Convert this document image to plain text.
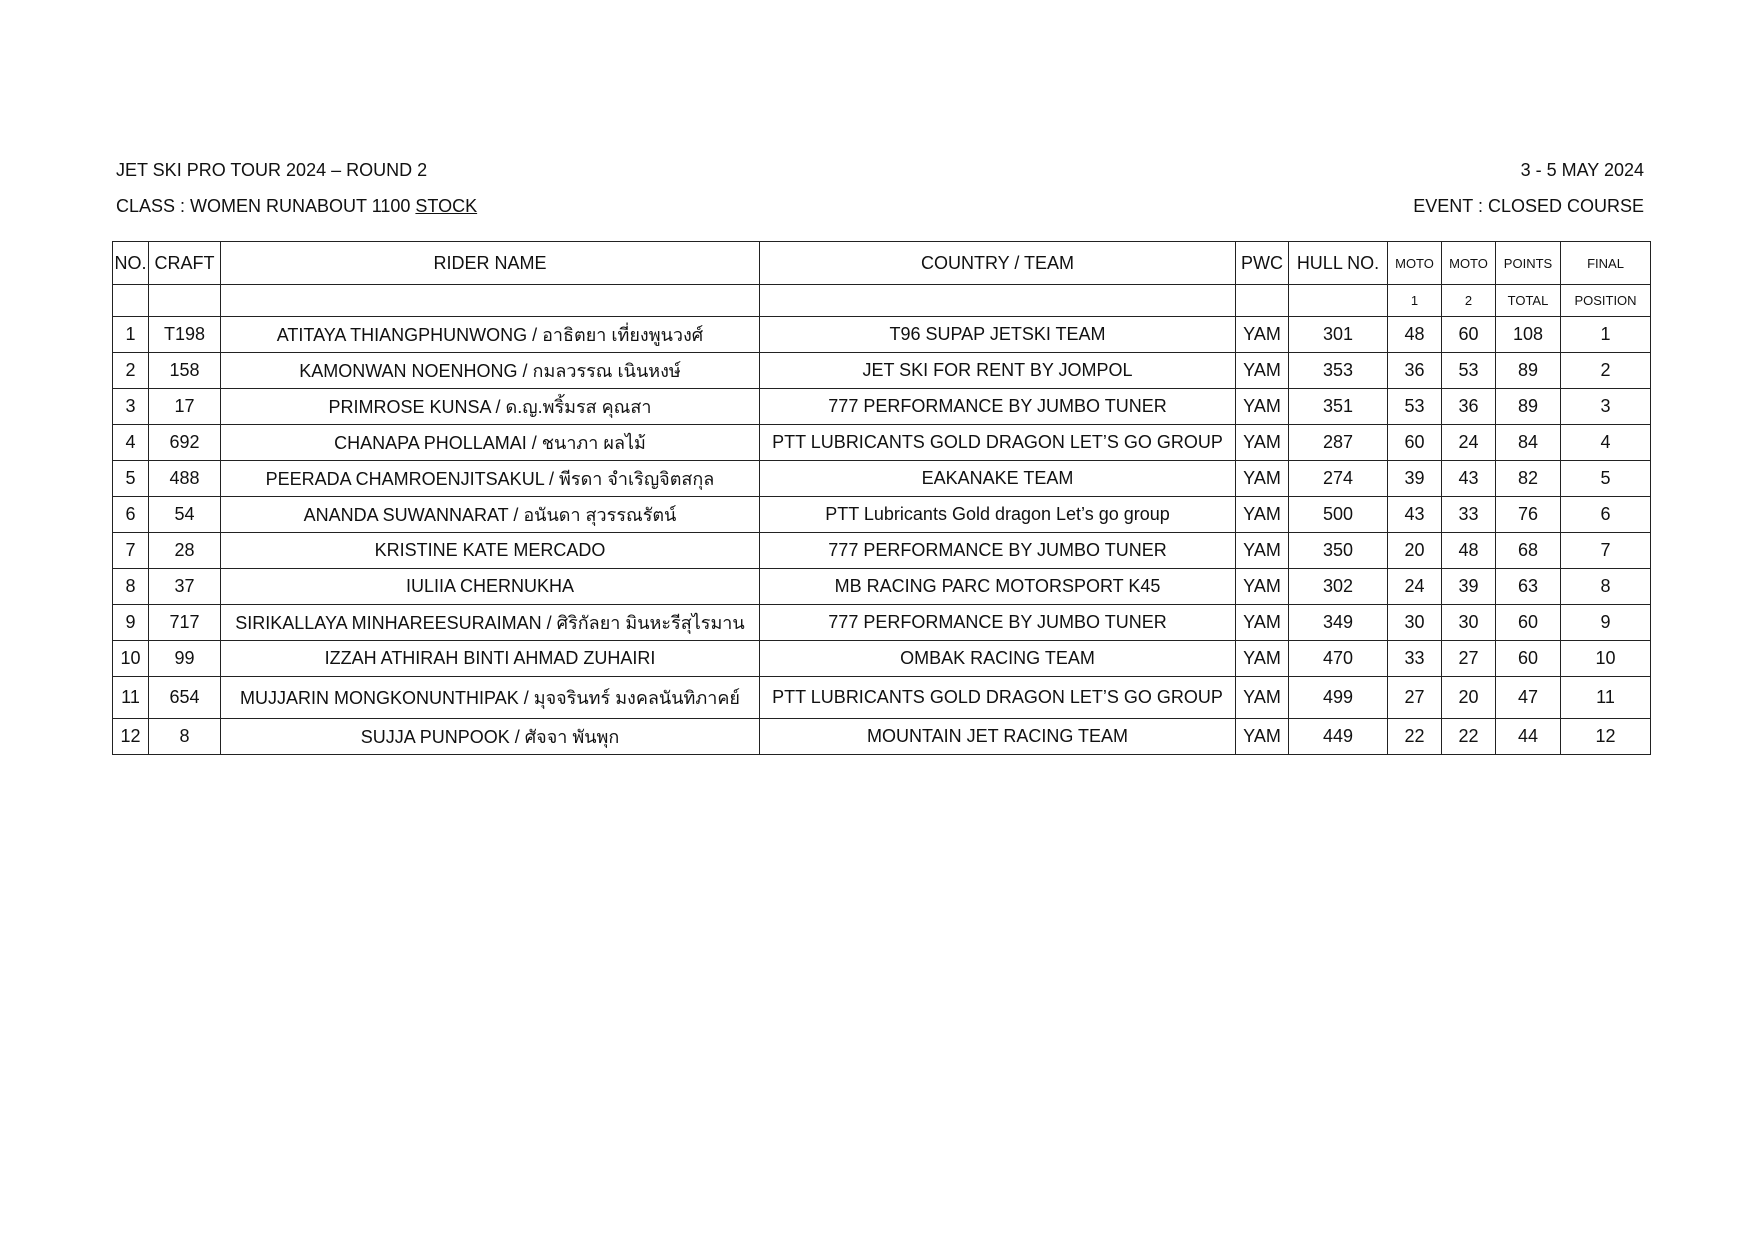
JET SKI PRO TOUR 2024 – ROUND 2	3 - 5 MAY 2024
CLASS : WOMEN RUNABOUT 1100 STOCK	EVENT : CLOSED COURSE
NO.	CRAFT	RIDER NAME	COUNTRY / TEAM	PWC	HULL NO.	MOTO	MOTO	POINTS	FINAL
						1	2	TOTAL	POSITION
1	T198	ATITAYA THIANGPHUNWONG / อาธิตยา เที่ยงพูนวงศ์	T96 SUPAP JETSKI TEAM	YAM	301	48	60	108	1
2	158	KAMONWAN NOENHONG / กมลวรรณ เนินหงษ์	JET SKI FOR RENT BY JOMPOL	YAM	353	36	53	89	2
3	17	PRIMROSE KUNSA / ด.ญ.พริ้มรส คุณสา	777 PERFORMANCE BY JUMBO TUNER	YAM	351	53	36	89	3
4	692	CHANAPA PHOLLAMAI / ชนาภา ผลไม้	PTT LUBRICANTS GOLD DRAGON LET’S GO GROUP	YAM	287	60	24	84	4
5	488	PEERADA CHAMROENJITSAKUL / พีรดา จำเริญจิตสกุล	EAKANAKE TEAM	YAM	274	39	43	82	5
6	54	ANANDA SUWANNARAT / อนันดา สุวรรณรัตน์	PTT Lubricants Gold dragon Let’s go group	YAM	500	43	33	76	6
7	28	KRISTINE KATE MERCADO	777 PERFORMANCE BY JUMBO TUNER	YAM	350	20	48	68	7
8	37	IULIIA CHERNUKHA	MB RACING PARC MOTORSPORT K45	YAM	302	24	39	63	8
9	717	SIRIKALLAYA MINHAREESURAIMAN / ศิริกัลยา มินหะรีสุไรมาน	777 PERFORMANCE BY JUMBO TUNER	YAM	349	30	30	60	9
10	99	IZZAH ATHIRAH BINTI AHMAD ZUHAIRI	OMBAK RACING TEAM	YAM	470	33	27	60	10
11	654	MUJJARIN MONGKONUNTHIPAK / มุจจรินทร์ มงคลนันทิภาคย์	PTT LUBRICANTS GOLD DRAGON LET’S GO GROUP	YAM	499	27	20	47	11
12	8	SUJJA PUNPOOK / ศัจจา พันพุก	MOUNTAIN JET RACING TEAM	YAM	449	22	22	44	12
